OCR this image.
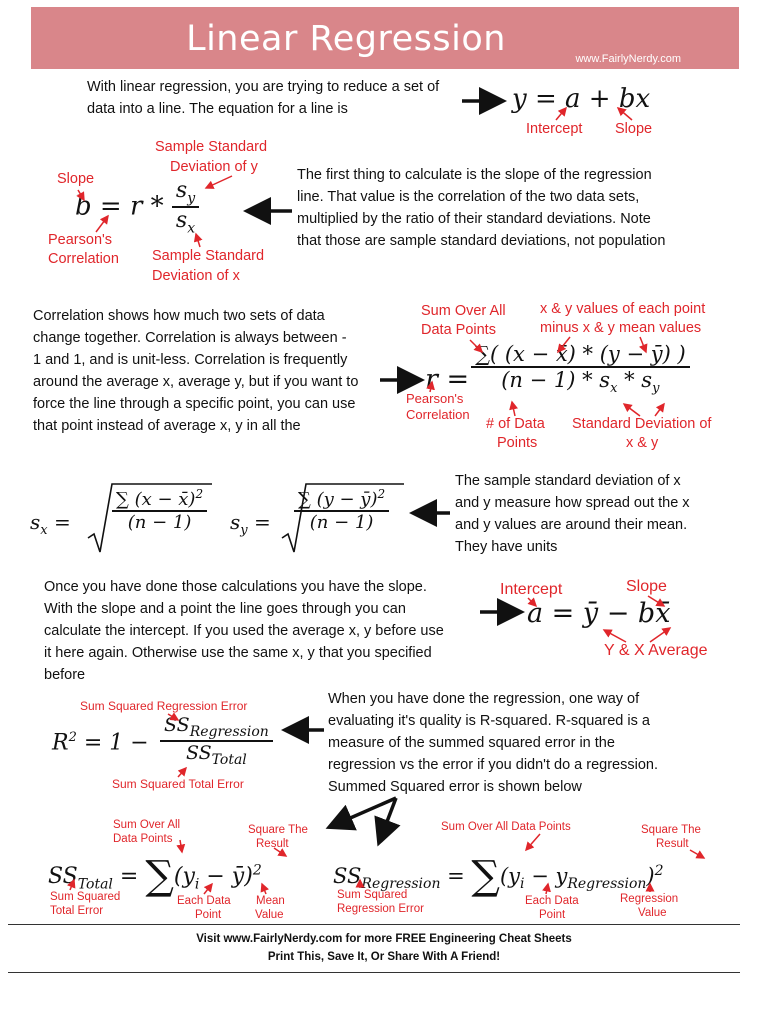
Linear Regression	www.FairlyNerdy.com
With linear regression, you are trying to reduce a set of
data into a line. The equation for a line is	y = a + bx
Intercept Slope
Slope
Sample Standard
Deviation of y
$b = r * \frac{s_y}{s_x}$
Pearson's
Correlation Sample Standard
Deviation of x
The first thing to calculate is the slope of the regression
line. That value is the correlation of the two data sets,
multiplied by the ratio of their standard deviations. Note
that those are sample standard deviations, not population
Correlation shows how much two sets of data
change together. Correlation is always between -
1 and 1, and is unit-less. Correlation is frequently
around the average x, average y, but if you want to
force the line through a specific point, you can use
that point instead of average x, y in all the
Sum Over All
Data Points
x & y values of each point
minus x & y mean values
$r = \frac{\sum( (x - x̄) * (y - ȳ) )}{(n - 1) * s_x * s_y}$
Pearson's
Correlation
# of Data
Points
Standard Deviation of
x & y
$s_x = \frac{\sum (x - x̄)^2}{(n - 1)} s_y = \frac{\sum (y - ȳ)^2}{(n - 1)}$
The sample standard deviation of x
and y measure how spread out the x
and y values are around their mean.
They have units
Once you have done those calculations you have the slope.
With the slope and a point the line goes through you can
calculate the intercept. If you used the average x, y before use
it here again. Otherwise use the same x, y that you specified
before
Intercept	Slope
a = ȳ − bx̄
Y & X Average
Sum Squared Regression Error
$R^2 = 1 - \frac{SS_{Regression}}{SS_{Total}}$
Sum Squared Total Error
When you have done the regression, one way of
evaluating it's quality is R-squared. R-squared is a
measure of the summed squared error in the
regression vs the error if you didn't do a regression.
Summed Squared error is shown below
Sum Over All
Data Points
Square The
Result
$SS_{Total} = \sum(y_i$ − ȳ)$^2$
Sum Squared
Total Error
Each Data
Point
Mean
Value
Sum Over All Data Points	Square The
Result
$SS_{Regression} = \sum(y_i - y_{Regression})^2$
Sum Squared
Regression Error
Each Data
Point
Regression
Value
Visit www.FairlyNerdy.com for more FREE Engineering Cheat Sheets
Print This, Save It, Or Share With A Friend!
